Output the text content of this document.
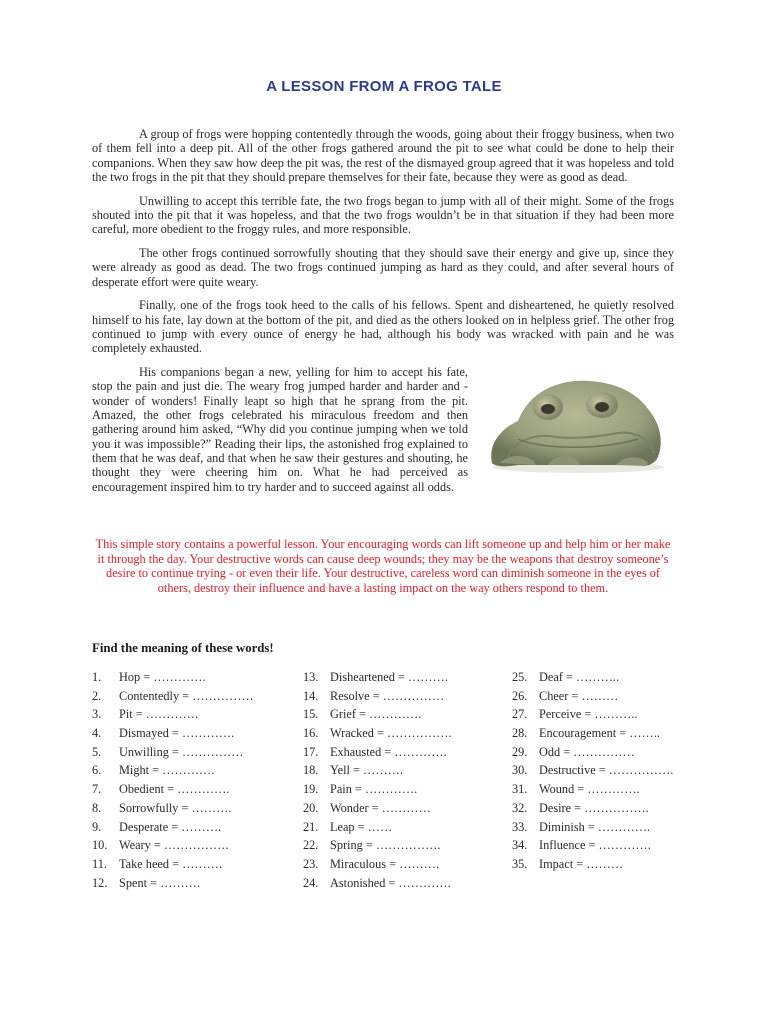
A LESSON FROM A FROG TALE

A group of frogs were hopping contentedly through the woods, going about their froggy business, when two of them fell into a deep pit. All of the other frogs gathered around the pit to see what could be done to help their companions. When they saw how deep the pit was, the rest of the dismayed group agreed that it was hopeless and told the two frogs in the pit that they should prepare themselves for their fate, because they were as good as dead.

Unwilling to accept this terrible fate, the two frogs began to jump with all of their might. Some of the frogs shouted into the pit that it was hopeless, and that the two frogs wouldn’t be in that situation if they had been more careful, more obedient to the froggy rules, and more responsible.

The other frogs continued sorrowfully shouting that they should save their energy and give up, since they were already as good as dead. The two frogs continued jumping as hard as they could, and after several hours of desperate effort were quite weary.

Finally, one of the frogs took heed to the calls of his fellows. Spent and disheartened, he quietly resolved himself to his fate, lay down at the bottom of the pit, and died as the others looked on in helpless grief. The other frog continued to jump with every ounce of energy he had, although his body was wracked with pain and he was completely exhausted.

His companions began a new, yelling for him to accept his fate, stop the pain and just die. The weary frog jumped harder and harder and - wonder of wonders! Finally leapt so high that he sprang from the pit. Amazed, the other frogs celebrated his miraculous freedom and then gathering around him asked, “Why did you continue jumping when we told you it was impossible?” Reading their lips, the astonished frog explained to them that he was deaf, and that when he saw their gestures and shouting, he thought they were cheering him on. What he had perceived as encouragement inspired him to try harder and to succeed against all odds.

This simple story contains a powerful lesson. Your encouraging words can lift someone up and help him or her make it through the day. Your destructive words can cause deep wounds; they may be the weapons that destroy someone’s desire to continue trying - or even their life. Your destructive, careless word can diminish someone in the eyes of others, destroy their influence and have a lasting impact on the way others respond to them.

Find the meaning of these words!
1. Hop = ………….
2. Contentedly = ……………
3. Pit = ………….
4. Dismayed = ………….
5. Unwilling = ……………
6. Might = ………….
7. Obedient = ………….
8. Sorrowfully = ……….
9. Desperate = ……….
10. Weary = …………….
11. Take heed = ……….
12. Spent = ……….
13. Disheartened = ……….
14. Resolve = ……………
15. Grief = ………….
16. Wracked = …………….
17. Exhausted = ………….
18. Yell = ……….
19. Pain = ………….
20. Wonder = …………
21. Leap = ……
22. Spring = …………….
23. Miraculous = ……….
24. Astonished = ………….
25. Deaf = ………..
26. Cheer = ………
27. Perceive = ………..
28. Encouragement = ……..
29. Odd = ……………
30. Destructive = …………….
31. Wound = ………….
32. Desire = …………….
33. Diminish = ………….
34. Influence = ………….
35. Impact = ………
